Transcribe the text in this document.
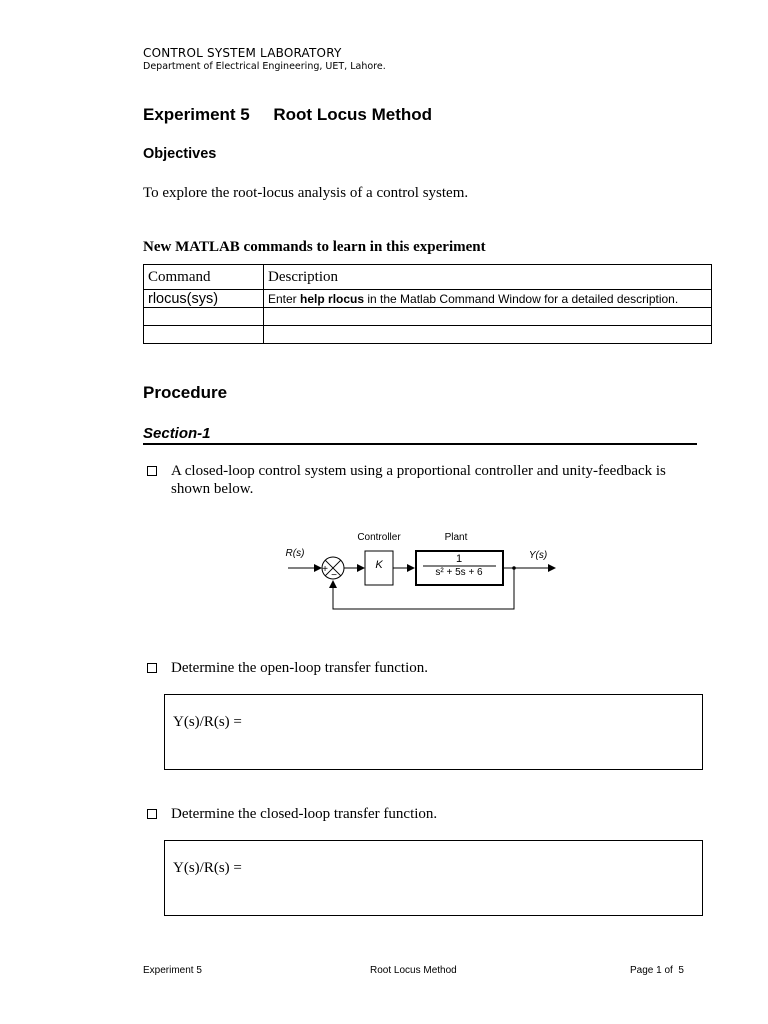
CONTROL SYSTEM LABORATORY
Department of Electrical Engineering, UET, Lahore.
Experiment 5 Root Locus Method
Objectives
To explore the root-locus analysis of a control system.
New MATLAB commands to learn in this experiment
Command	Description
rlocus(sys)	Enter help rlocus in the Matlab Command Window for a detailed description.

Procedure
Section-1
A closed-loop control system using a proportional controller and unity-feedback is shown below.
Controller	Plant
R(s)	Y(s)
+
−
K	1
s² + 5s + 6
Determine the open-loop transfer function.
Y(s)/R(s) =
Determine the closed-loop transfer function.
Y(s)/R(s) =
Experiment 5	Root Locus Method	Page 1 of  5
